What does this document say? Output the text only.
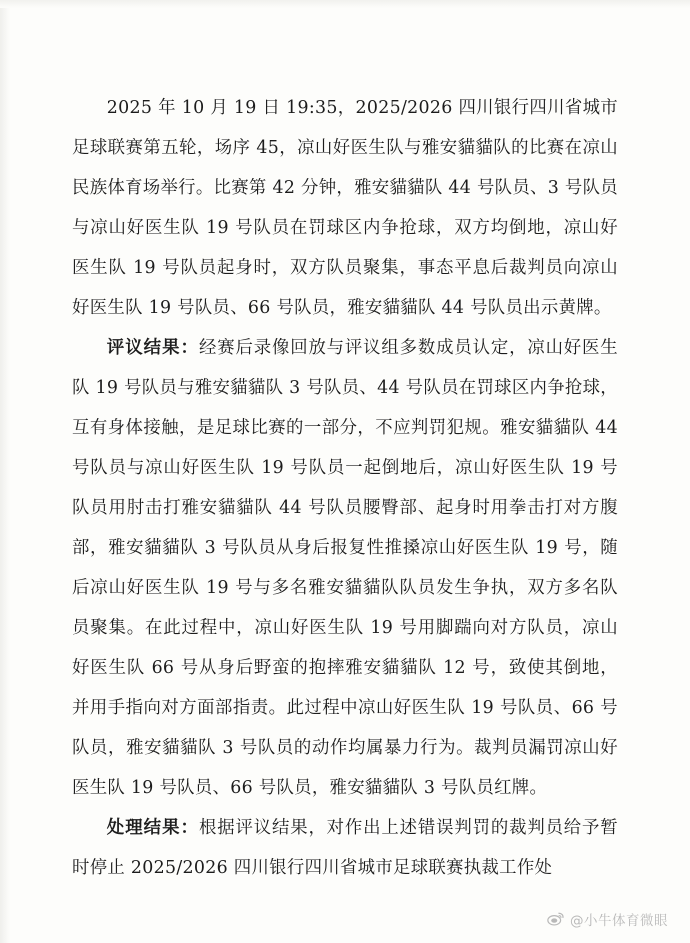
2025 年 10 月 19 日 19:35，2025/2026 四川银行四川省城市足球联赛第五轮，场序 45，凉山好医生队与雅安貓貓队的比赛在凉山民族体育场举行。比赛第 42 分钟，雅安貓貓队 44 号队员、3 号队员与凉山好医生队 19 号队员在罚球区内争抢球，双方均倒地，凉山好医生队 19 号队员起身时，双方队员聚集，事态平息后裁判员向凉山好医生队 19 号队员、66 号队员，雅安貓貓队 44 号队员出示黄牌。

评议结果：经赛后录像回放与评议组多数成员认定，凉山好医生队 19 号队员与雅安貓貓队 3 号队员、44 号队员在罚球区内争抢球，互有身体接触，是足球比赛的一部分，不应判罚犯规。雅安貓貓队 44 号队员与凉山好医生队 19 号队员一起倒地后，凉山好医生队 19 号队员用肘击打雅安貓貓队 44 号队员腰臀部、起身时用拳击打对方腹部，雅安貓貓队 3 号队员从身后报复性推搡凉山好医生队 19 号，随后凉山好医生队 19 号与多名雅安貓貓队队员发生争执，双方多名队员聚集。在此过程中，凉山好医生队 19 号用脚踹向对方队员，凉山好医生队 66 号从身后野蛮的抱摔雅安貓貓队 12 号，致使其倒地，并用手指向对方面部指责。此过程中凉山好医生队 19 号队员、66 号队员，雅安貓貓队 3 号队员的动作均属暴力行为。裁判员漏罚凉山好医生队 19 号队员、66 号队员，雅安貓貓队 3 号队员红牌。

处理结果：根据评议结果，对作出上述错误判罚的裁判员给予暂时停止 2025/2026 四川银行四川省城市足球联赛执裁工作处

@小牛体育微眼
